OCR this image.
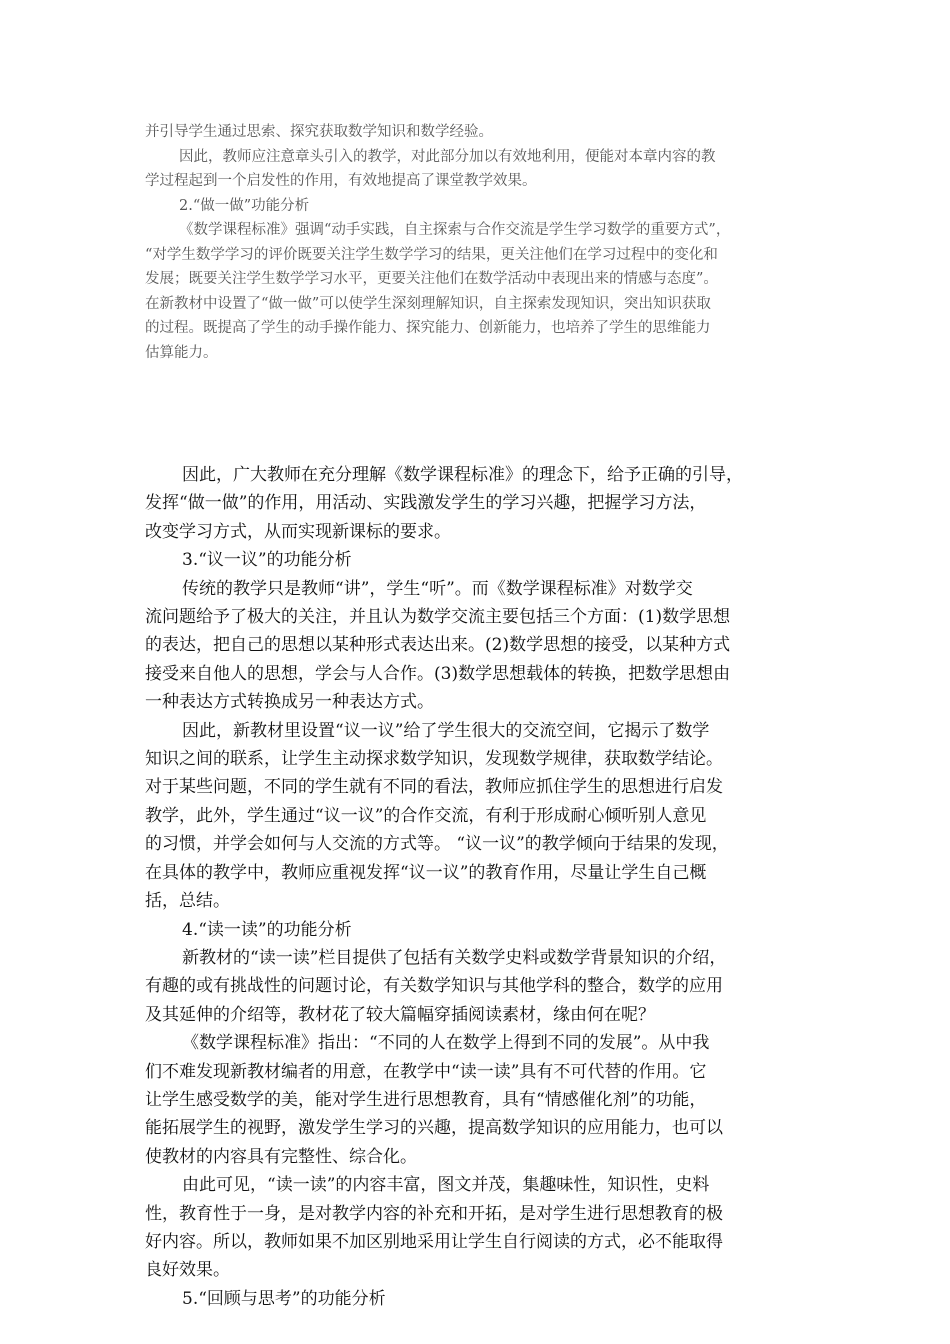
并引导学生通过思索、探究获取数学知识和数学经验。
因此，教师应注意章头引入的教学，对此部分加以有效地利用，便能对本章内容的教
学过程起到一个启发性的作用，有效地提高了课堂教学效果。
2.“做一做”功能分析
《数学课程标准》强调“动手实践，自主探索与合作交流是学生学习数学的重要方式”，
“对学生数学学习的评价既要关注学生数学学习的结果，更关注他们在学习过程中的变化和
发展；既要关注学生数学学习水平，更要关注他们在数学活动中表现出来的情感与态度”。
在新教材中设置了“做一做”可以使学生深刻理解知识，自主探索发现知识，突出知识获取
的过程。既提高了学生的动手操作能力、探究能力、创新能力，也培养了学生的思维能力
估算能力。
因此，广大教师在充分理解《数学课程标准》的理念下，给予正确的引导，
发挥“做一做”的作用，用活动、实践激发学生的学习兴趣，把握学习方法，
改变学习方式，从而实现新课标的要求。
3.“议一议”的功能分析
传统的教学只是教师“讲”，学生“听”。而《数学课程标准》对数学交
流问题给予了极大的关注，并且认为数学交流主要包括三个方面：(1)数学思想
的表达，把自己的思想以某种形式表达出来。(2)数学思想的接受，以某种方式
接受来自他人的思想，学会与人合作。(3)数学思想载体的转换，把数学思想由
一种表达方式转换成另一种表达方式。
因此，新教材里设置“议一议”给了学生很大的交流空间，它揭示了数学
知识之间的联系，让学生主动探求数学知识，发现数学规律，获取数学结论。
对于某些问题，不同的学生就有不同的看法，教师应抓住学生的思想进行启发
教学，此外，学生通过“议一议”的合作交流，有利于形成耐心倾听别人意见
的习惯，并学会如何与人交流的方式等。 “议一议”的教学倾向于结果的发现，
在具体的教学中，教师应重视发挥“议一议”的教育作用，尽量让学生自己概
括，总结。
4.“读一读”的功能分析
新教材的“读一读”栏目提供了包括有关数学史料或数学背景知识的介绍，
有趣的或有挑战性的问题讨论，有关数学知识与其他学科的整合，数学的应用
及其延伸的介绍等，教材花了较大篇幅穿插阅读素材，缘由何在呢？
《数学课程标准》指出：“不同的人在数学上得到不同的发展”。从中我
们不难发现新教材编者的用意，在教学中“读一读”具有不可代替的作用。它
让学生感受数学的美，能对学生进行思想教育，具有“情感催化剂”的功能，
能拓展学生的视野，激发学生学习的兴趣，提高数学知识的应用能力，也可以
使教材的内容具有完整性、综合化。
由此可见，“读一读”的内容丰富，图文并茂，集趣味性，知识性，史料
性，教育性于一身，是对教学内容的补充和开拓，是对学生进行思想教育的极
好内容。所以，教师如果不加区别地采用让学生自行阅读的方式，必不能取得
良好效果。
5.“回顾与思考”的功能分析
